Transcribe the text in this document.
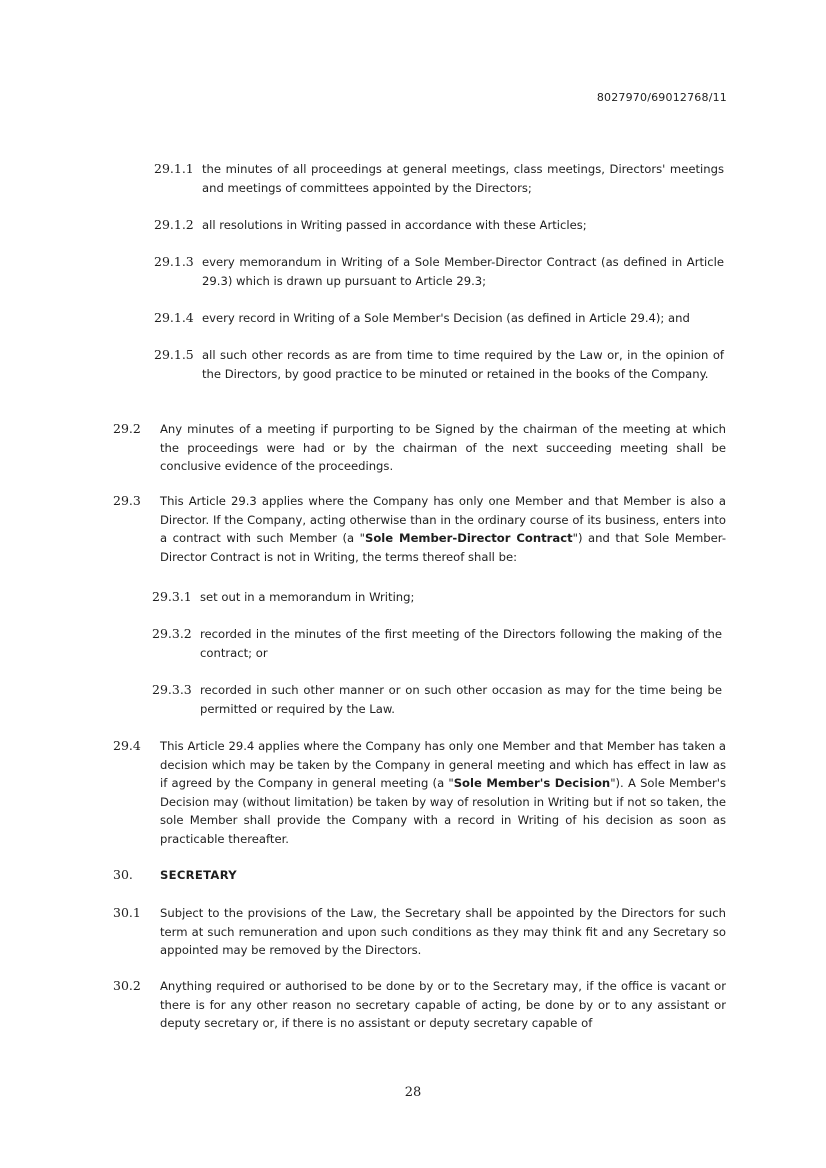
8027970/69012768/11
29.1.1 the minutes of all proceedings at general meetings, class meetings, Directors' meetings and meetings of committees appointed by the Directors;
29.1.2 all resolutions in Writing passed in accordance with these Articles;
29.1.3 every memorandum in Writing of a Sole Member-Director Contract (as defined in Article 29.3) which is drawn up pursuant to Article 29.3;
29.1.4 every record in Writing of a Sole Member's Decision (as defined in Article 29.4); and
29.1.5 all such other records as are from time to time required by the Law or, in the opinion of the Directors, by good practice to be minuted or retained in the books of the Company.
29.2 Any minutes of a meeting if purporting to be Signed by the chairman of the meeting at which the proceedings were had or by the chairman of the next succeeding meeting shall be conclusive evidence of the proceedings.
29.3 This Article 29.3 applies where the Company has only one Member and that Member is also a Director. If the Company, acting otherwise than in the ordinary course of its business, enters into a contract with such Member (a "Sole Member-Director Contract") and that Sole Member-Director Contract is not in Writing, the terms thereof shall be:
29.3.1 set out in a memorandum in Writing;
29.3.2 recorded in the minutes of the first meeting of the Directors following the making of the contract; or
29.3.3 recorded in such other manner or on such other occasion as may for the time being be permitted or required by the Law.
29.4 This Article 29.4 applies where the Company has only one Member and that Member has taken a decision which may be taken by the Company in general meeting and which has effect in law as if agreed by the Company in general meeting (a "Sole Member's Decision"). A Sole Member's Decision may (without limitation) be taken by way of resolution in Writing but if not so taken, the sole Member shall provide the Company with a record in Writing of his decision as soon as practicable thereafter.
30. SECRETARY
30.1 Subject to the provisions of the Law, the Secretary shall be appointed by the Directors for such term at such remuneration and upon such conditions as they may think fit and any Secretary so appointed may be removed by the Directors.
30.2 Anything required or authorised to be done by or to the Secretary may, if the office is vacant or there is for any other reason no secretary capable of acting, be done by or to any assistant or deputy secretary or, if there is no assistant or deputy secretary capable of
28
